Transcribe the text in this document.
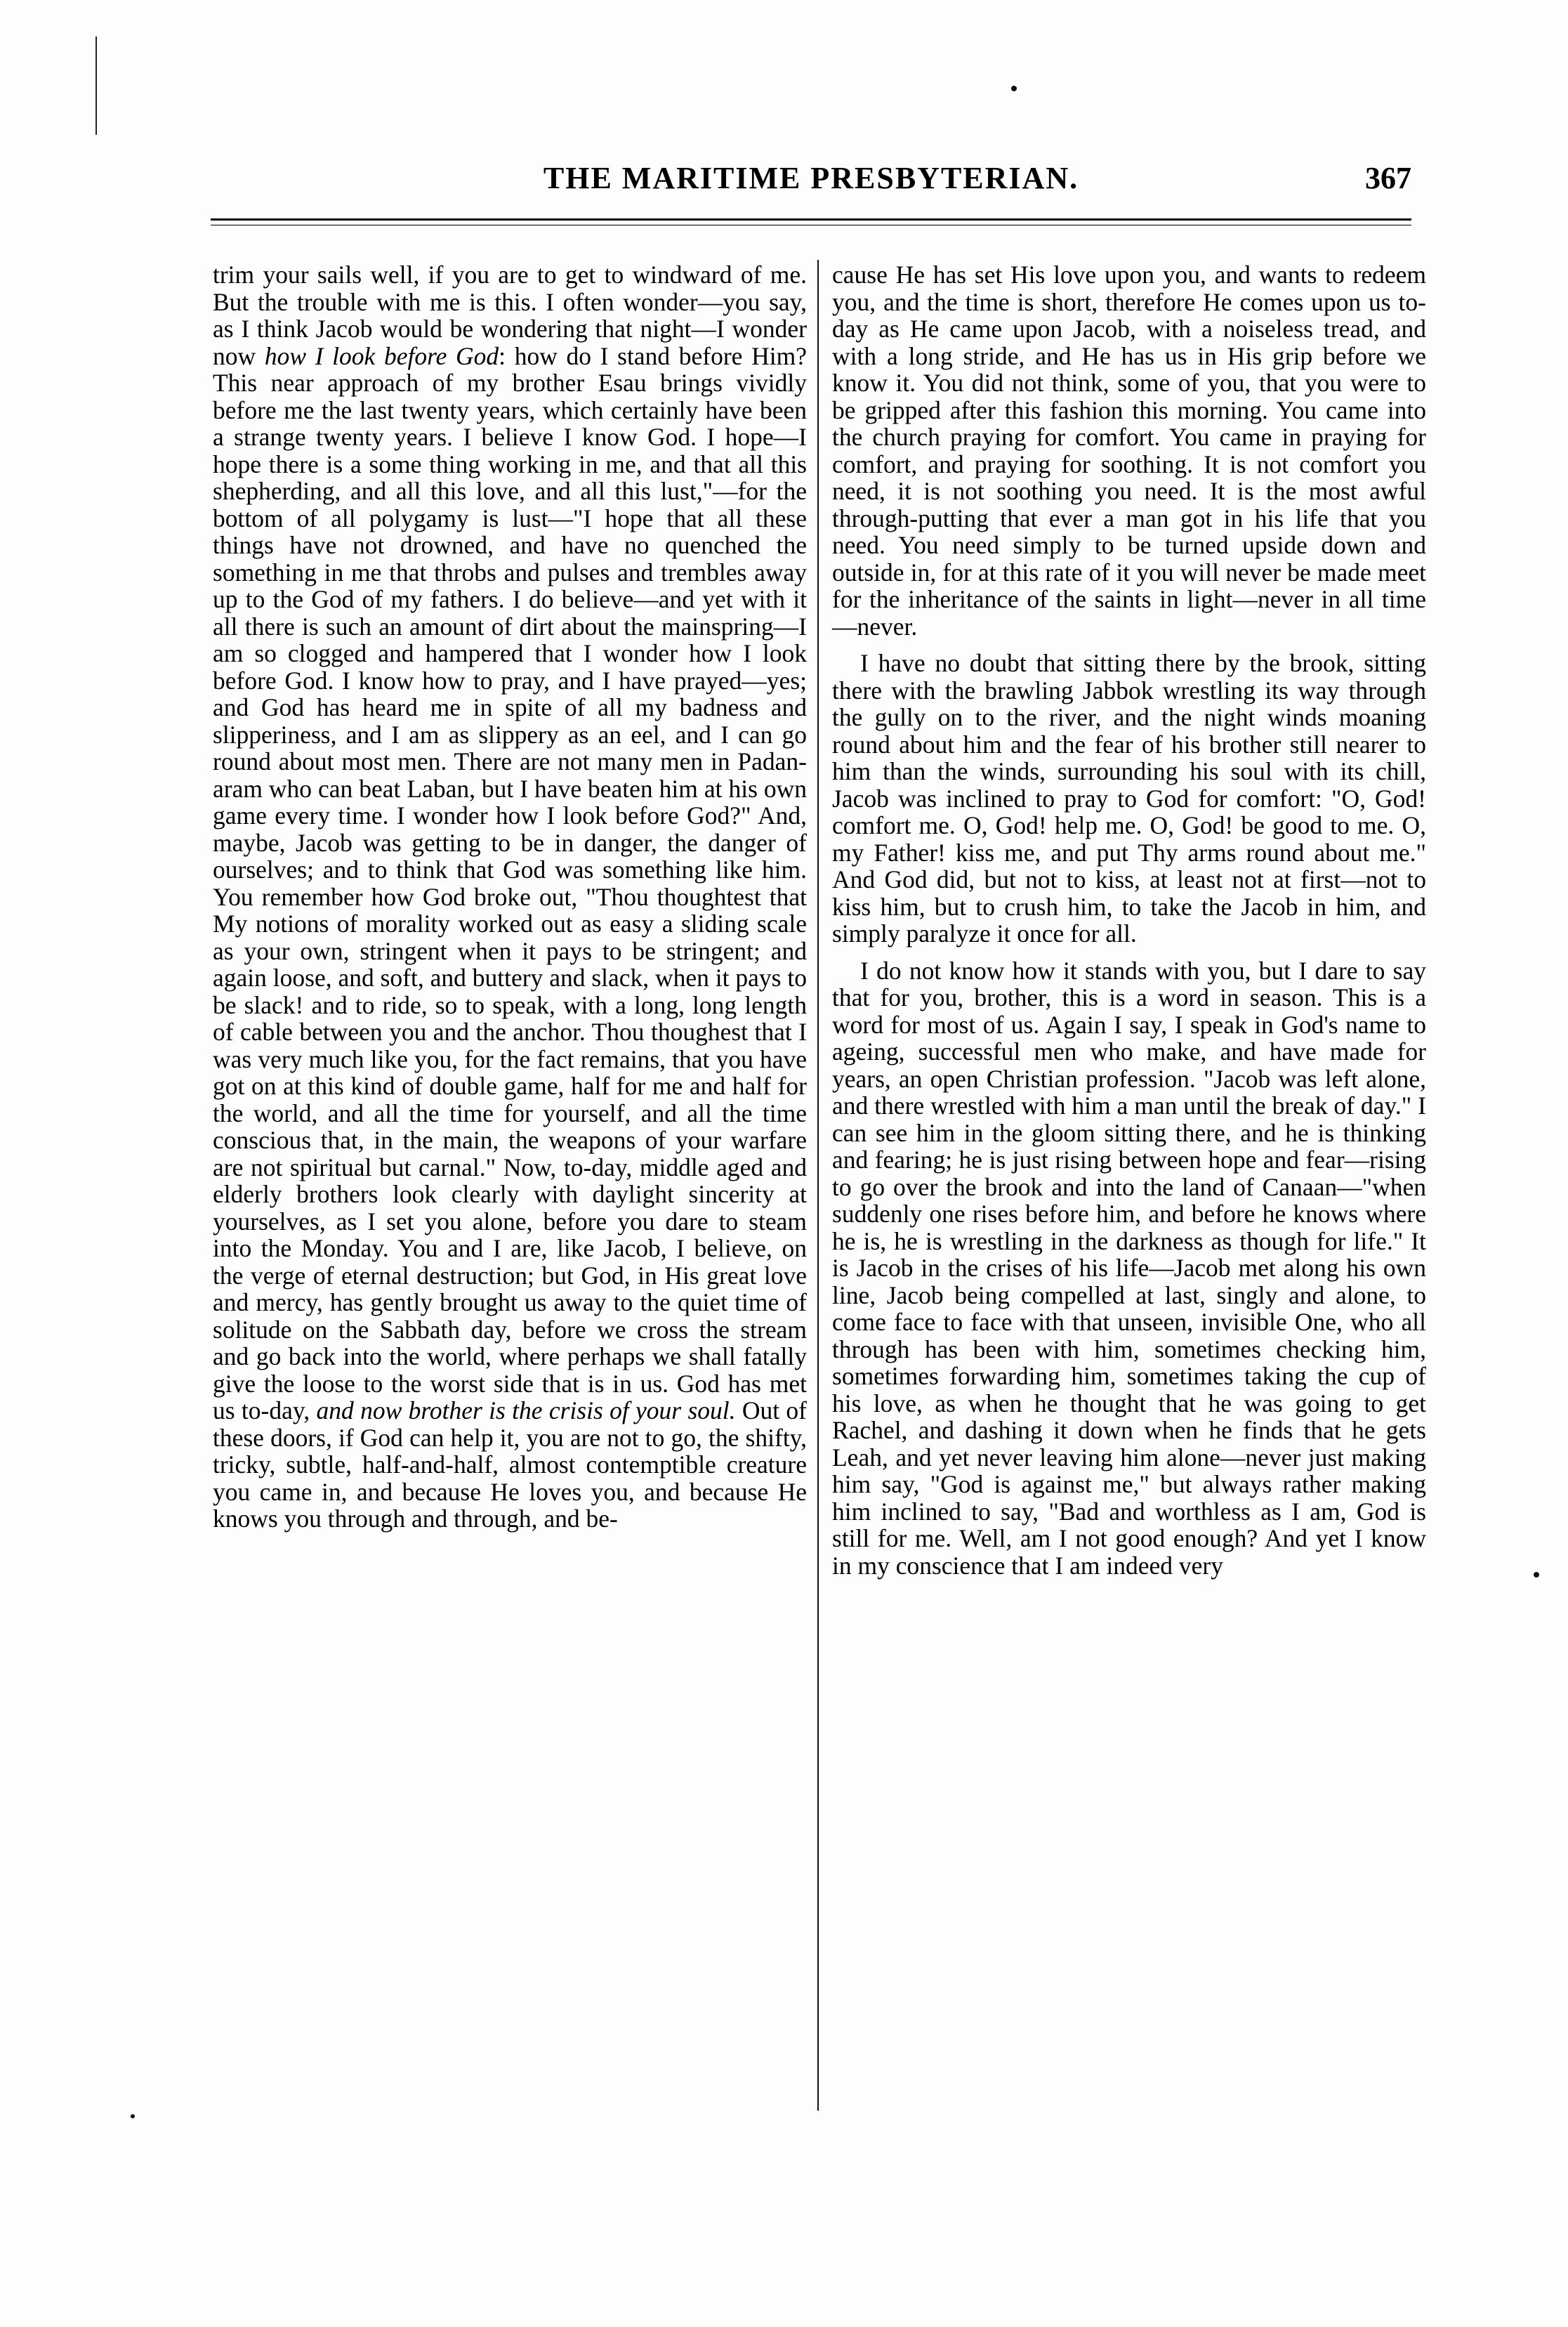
THE MARITIME PRESBYTERIAN.	367

trim your sails well, if you are to get to windward of me. But the trouble with me is this. I often wonder—you say, as I think Jacob would be wondering that night—I wonder now how I look before God: how do I stand before Him? This near approach of my brother Esau brings vividly before me the last twenty years, which certainly have been a strange twenty years. I believe I know God. I hope—I hope there is a some thing working in me, and that all this shepherding, and all this love, and all this lust,"—for the bottom of all polygamy is lust—"I hope that all these things have not drowned, and have no quenched the something in me that throbs and pulses and trembles away up to the God of my fathers. I do believe—and yet with it all there is such an amount of dirt about the mainspring—I am so clogged and hampered that I wonder how I look before God. I know how to pray, and I have prayed—yes; and God has heard me in spite of all my badness and slipperiness, and I am as slippery as an eel, and I can go round about most men. There are not many men in Padan-aram who can beat Laban, but I have beaten him at his own game every time. I wonder how I look before God?" And, maybe, Jacob was getting to be in danger, the danger of ourselves; and to think that God was something like him. You remember how God broke out, "Thou thoughtest that My notions of morality worked out as easy a sliding scale as your own, stringent when it pays to be stringent; and again loose, and soft, and buttery and slack, when it pays to be slack! and to ride, so to speak, with a long, long length of cable between you and the anchor. Thou thoughest that I was very much like you, for the fact remains, that you have got on at this kind of double game, half for me and half for the world, and all the time for yourself, and all the time conscious that, in the main, the weapons of your warfare are not spiritual but carnal." Now, to-day, middle aged and elderly brothers look clearly with daylight sincerity at yourselves, as I set you alone, before you dare to steam into the Monday. You and I are, like Jacob, I believe, on the verge of eternal destruction; but God, in His great love and mercy, has gently brought us away to the quiet time of solitude on the Sabbath day, before we cross the stream and go back into the world, where perhaps we shall fatally give the loose to the worst side that is in us. God has met us to-day, and now brother is the crisis of your soul. Out of these doors, if God can help it, you are not to go, the shifty, tricky, subtle, half-and-half, almost contemptible creature you came in, and because He loves you, and because He knows you through and through, and be-

cause He has set His love upon you, and wants to redeem you, and the time is short, therefore He comes upon us to-day as He came upon Jacob, with a noiseless tread, and with a long stride, and He has us in His grip before we know it. You did not think, some of you, that you were to be gripped after this fashion this morning. You came into the church praying for comfort. You came in praying for comfort, and praying for soothing. It is not comfort you need, it is not soothing you need. It is the most awful through-putting that ever a man got in his life that you need. You need simply to be turned upside down and outside in, for at this rate of it you will never be made meet for the inheritance of the saints in light—never in all time—never.

I have no doubt that sitting there by the brook, sitting there with the brawling Jabbok wrestling its way through the gully on to the river, and the night winds moaning round about him and the fear of his brother still nearer to him than the winds, surrounding his soul with its chill, Jacob was inclined to pray to God for comfort: "O, God! comfort me. O, God! help me. O, God! be good to me. O, my Father! kiss me, and put Thy arms round about me." And God did, but not to kiss, at least not at first—not to kiss him, but to crush him, to take the Jacob in him, and simply paralyze it once for all.

I do not know how it stands with you, but I dare to say that for you, brother, this is a word in season. This is a word for most of us. Again I say, I speak in God's name to ageing, successful men who make, and have made for years, an open Christian profession. "Jacob was left alone, and there wrestled with him a man until the break of day." I can see him in the gloom sitting there, and he is thinking and fearing; he is just rising between hope and fear—rising to go over the brook and into the land of Canaan—"when suddenly one rises before him, and before he knows where he is, he is wrestling in the darkness as though for life." It is Jacob in the crises of his life—Jacob met along his own line, Jacob being compelled at last, singly and alone, to come face to face with that unseen, invisible One, who all through has been with him, sometimes checking him, sometimes forwarding him, sometimes taking the cup of his love, as when he thought that he was going to get Rachel, and dashing it down when he finds that he gets Leah, and yet never leaving him alone—never just making him say, "God is against me," but always rather making him inclined to say, "Bad and worthless as I am, God is still for me. Well, am I not good enough? And yet I know in my conscience that I am indeed very
